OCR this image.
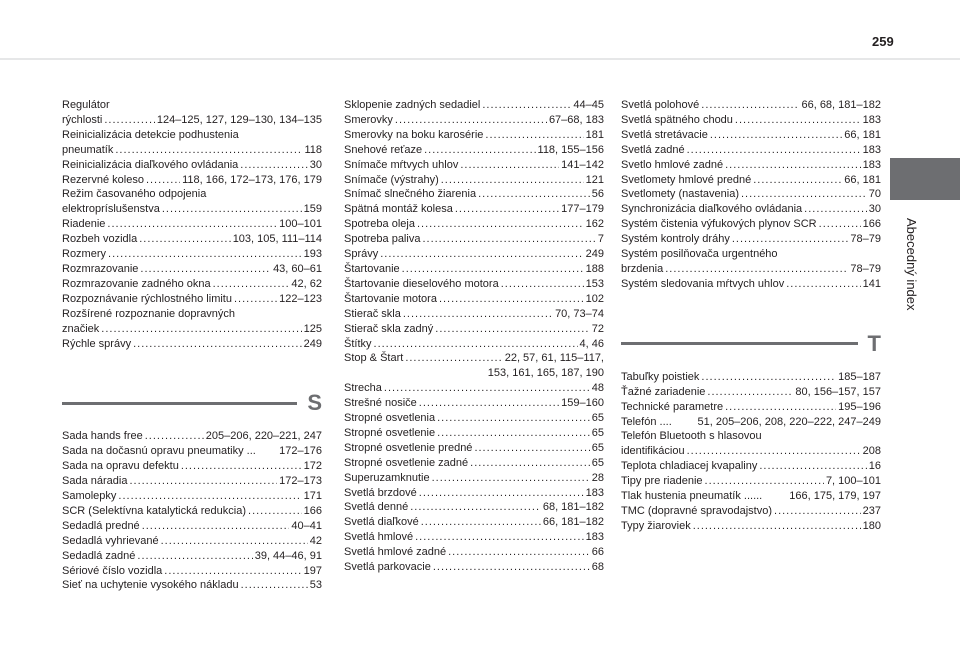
259
Abecedný index
Regulátor
rýchlosti .....	124–125, 127, 129–130, 134–135
Reinicializácia detekcie podhustenia
pneumatík .....	118
Reinicializácia diaľkového ovládania .....	30
Rezervné koleso .....	118, 166, 172–173, 176, 179
Režim časovaného odpojenia
elektropríslušenstva .....	159
Riadenie .....	100–101
Rozbeh vozidla .....	103, 105, 111–114
Rozmery .....	193
Rozmrazovanie .....	43, 60–61
Rozmrazovanie zadného okna .....	42, 62
Rozpoznávanie rýchlostného limitu .....	122–123
Rozšírené rozpoznanie dopravných
značiek .....	125
Rýchle správy .....	249
S
Sada hands free .....	205–206, 220–221, 247
Sada na dočasnú opravu pneumatiky ... 172–176
Sada na opravu defektu .....	172
Sada náradia .....	172–173
Samolepky .....	171
SCR (Selektívna katalytická redukcia) .....	166
Sedadlá predné .....	40–41
Sedadlá vyhrievané .....	42
Sedadlá zadné .....	39, 44–46, 91
Sériové číslo vozidla .....	197
Sieť na uchytenie vysokého nákladu .....	53
Sklopenie zadných sedadiel .....	44–45
Smerovky .....	67–68, 183
Smerovky na boku karosérie .....	181
Snehové reťaze .....	118, 155–156
Snímače mŕtvych uhlov .....	141–142
Snímače (výstrahy) .....	121
Snímač slnečného žiarenia .....	56
Spätná montáž kolesa .....	177–179
Spotreba oleja .....	162
Spotreba paliva .....	7
Správy .....	249
Štartovanie .....	188
Štartovanie dieselového motora .....	153
Štartovanie motora .....	102
Stierač skla .....	70, 73–74
Stierač skla zadný .....	72
Štítky .....	4, 46
Stop & Štart .....	22, 57, 61, 115–117,
153, 161, 165, 187, 190
Strecha .....	48
Strešné nosiče .....	159–160
Stropné osvetlenia .....	65
Stropné osvetlenie .....	65
Stropné osvetlenie predné .....	65
Stropné osvetlenie zadné .....	65
Superuzamknutie .....	28
Svetlá brzdové .....	183
Svetlá denné .....	68, 181–182
Svetlá diaľkové .....	66, 181–182
Svetlá hmlové .....	183
Svetlá hmlové zadné .....	66
Svetlá parkovacie .....	68
Svetlá polohové .....	66, 68, 181–182
Svetlá spätného chodu .....	183
Svetlá stretávacie .....	66, 181
Svetlá zadné .....	183
Svetlo hmlové zadné .....	183
Svetlomety hmlové predné .....	66, 181
Svetlomety (nastavenia) .....	70
Synchronizácia diaľkového ovládania .....	30
Systém čistenia výfukových plynov SCR .....	166
Systém kontroly dráhy .....	78–79
Systém posilňovača urgentného
brzdenia .....	78–79
Systém sledovania mŕtvych uhlov .....	141
T
Tabuľky poistiek .....	185–187
Ťažné zariadenie .....	80, 156–157, 157
Technické parametre .....	195–196
Telefón .... 51, 205–206, 208, 220–222, 247–249
Telefón Bluetooth s hlasovou
identifikáciou .....	208
Teplota chladiacej kvapaliny .....	16
Tipy pre riadenie .....	7, 100–101
Tlak hustenia pneumatík ...... 166, 175, 179, 197
TMC (dopravné spravodajstvo) .....	237
Typy žiaroviek .....	180
